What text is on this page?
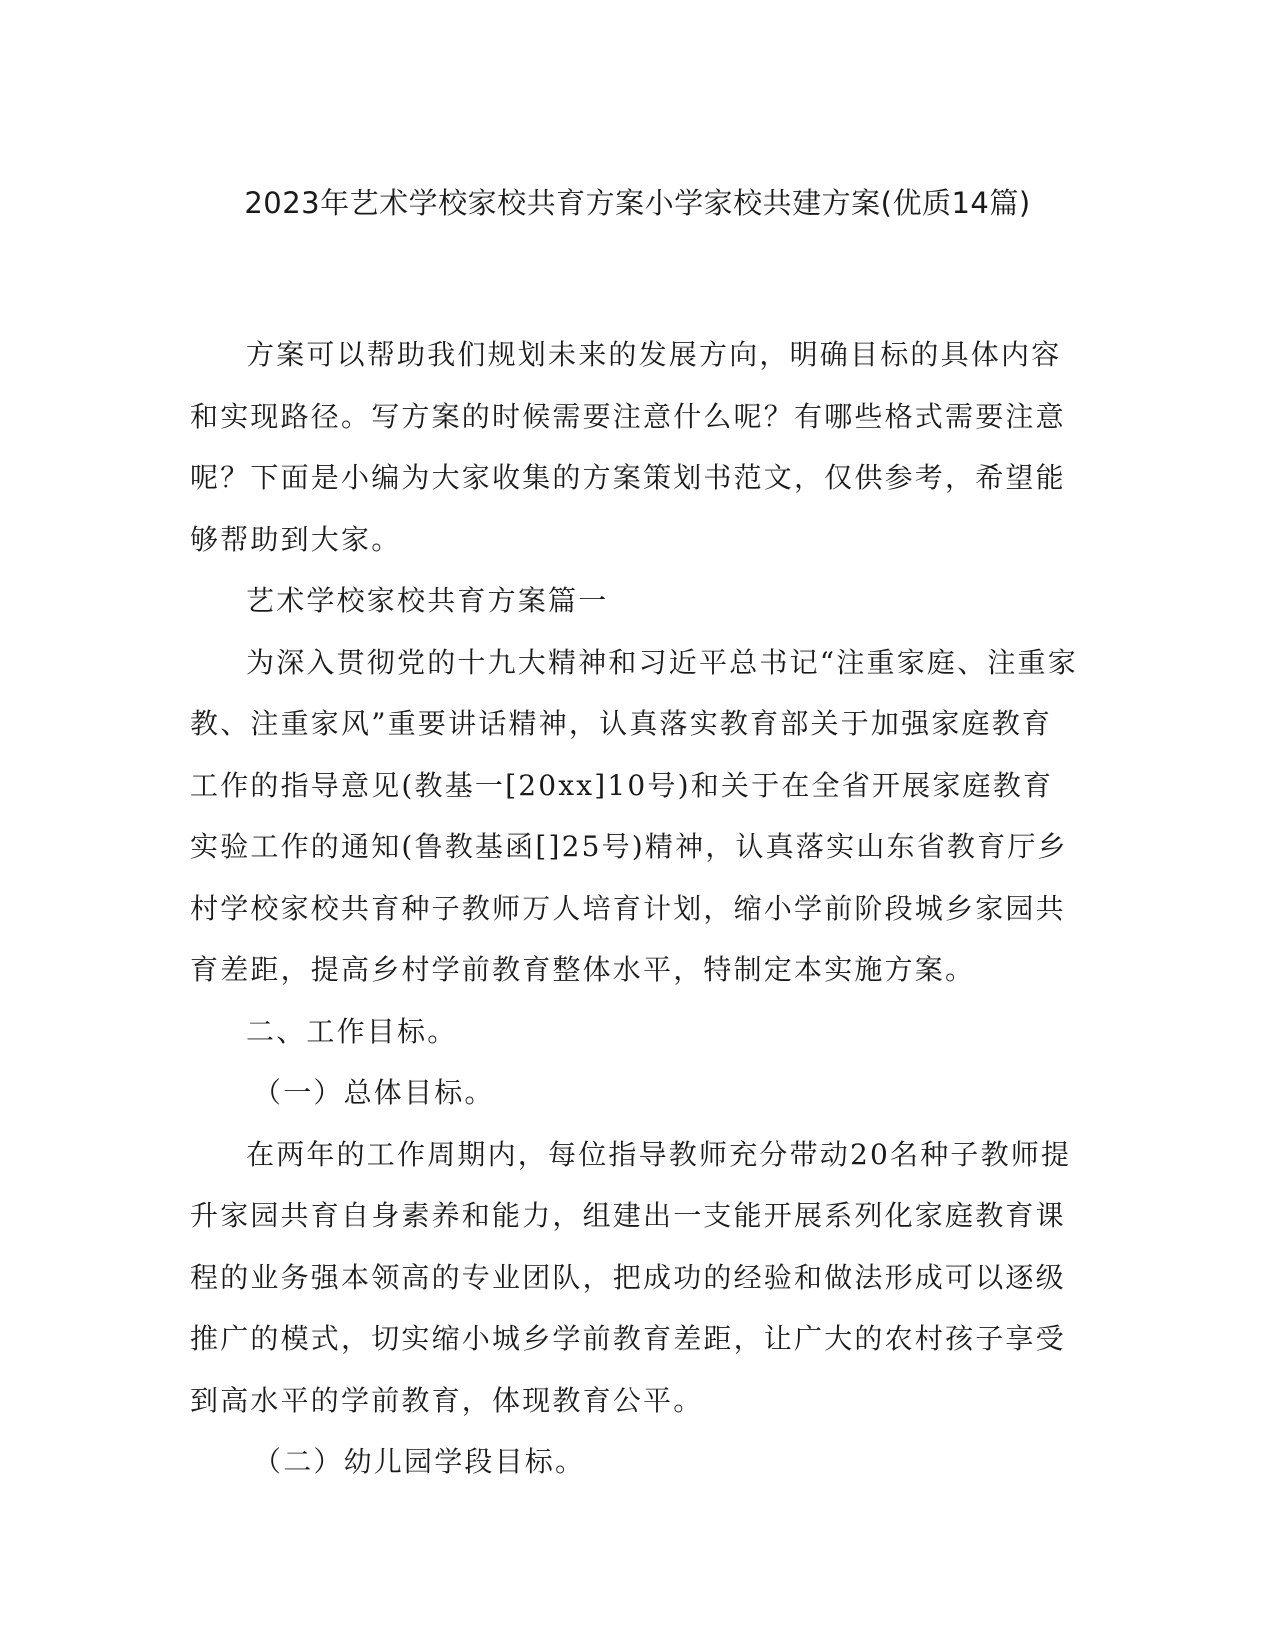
2023年艺术学校家校共育方案小学家校共建方案(优质14篇)

方案可以帮助我们规划未来的发展方向，明确目标的具体内容和实现路径。写方案的时候需要注意什么呢？有哪些格式需要注意呢？下面是小编为大家收集的方案策划书范文，仅供参考，希望能够帮助到大家。

艺术学校家校共育方案篇一

为深入贯彻党的十九大精神和习近平总书记“注重家庭、注重家教、注重家风”重要讲话精神，认真落实教育部关于加强家庭教育工作的指导意见(教基一[20xx]10号)和关于在全省开展家庭教育实验工作的通知(鲁教基函[]25号)精神，认真落实山东省教育厅乡村学校家校共育种子教师万人培育计划，缩小学前阶段城乡家园共育差距，提高乡村学前教育整体水平，特制定本实施方案。

二、工作目标。

（一）总体目标。

在两年的工作周期内，每位指导教师充分带动20名种子教师提升家园共育自身素养和能力，组建出一支能开展系列化家庭教育课程的业务强本领高的专业团队，把成功的经验和做法形成可以逐级推广的模式，切实缩小城乡学前教育差距，让广大的农村孩子享受到高水平的学前教育，体现教育公平。

（二）幼儿园学段目标。
